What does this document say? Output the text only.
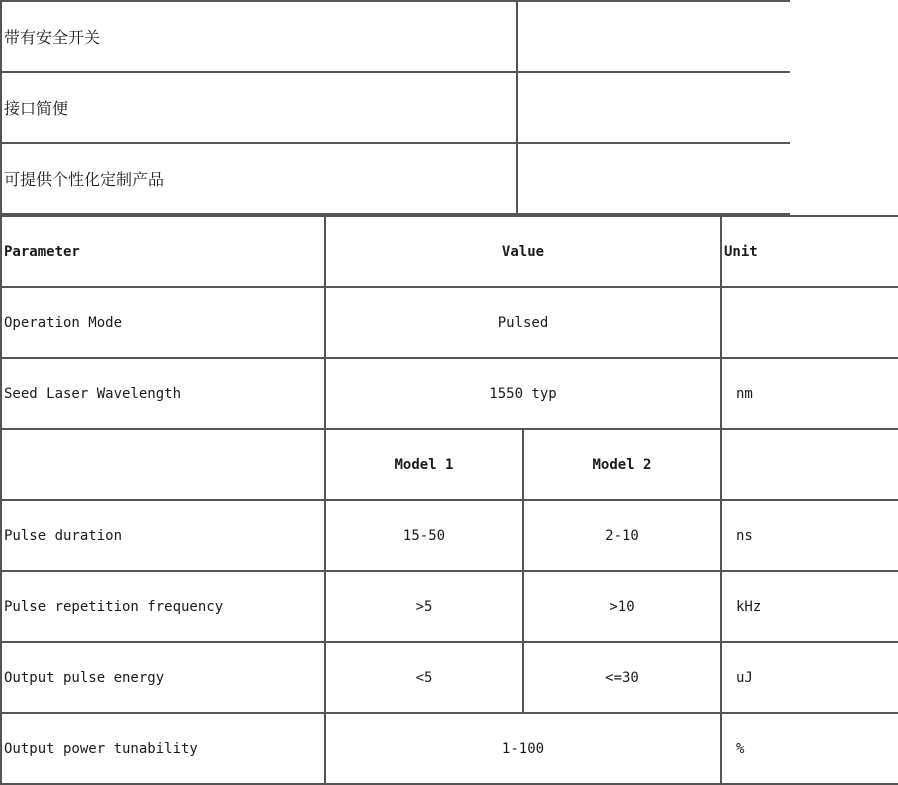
带有安全开关	
接口简便	
可提供个性化定制产品	
Parameter	Value		Unit
Operation Mode	Pulsed		
Seed Laser Wavelength	1550 typ		nm
	Model 1	Model 2	
Pulse duration	15-50	2-10	ns
Pulse repetition frequency	>5	>10	kHz
Output pulse energy	<5	<=30	uJ
Output power tunability	1-100		%
